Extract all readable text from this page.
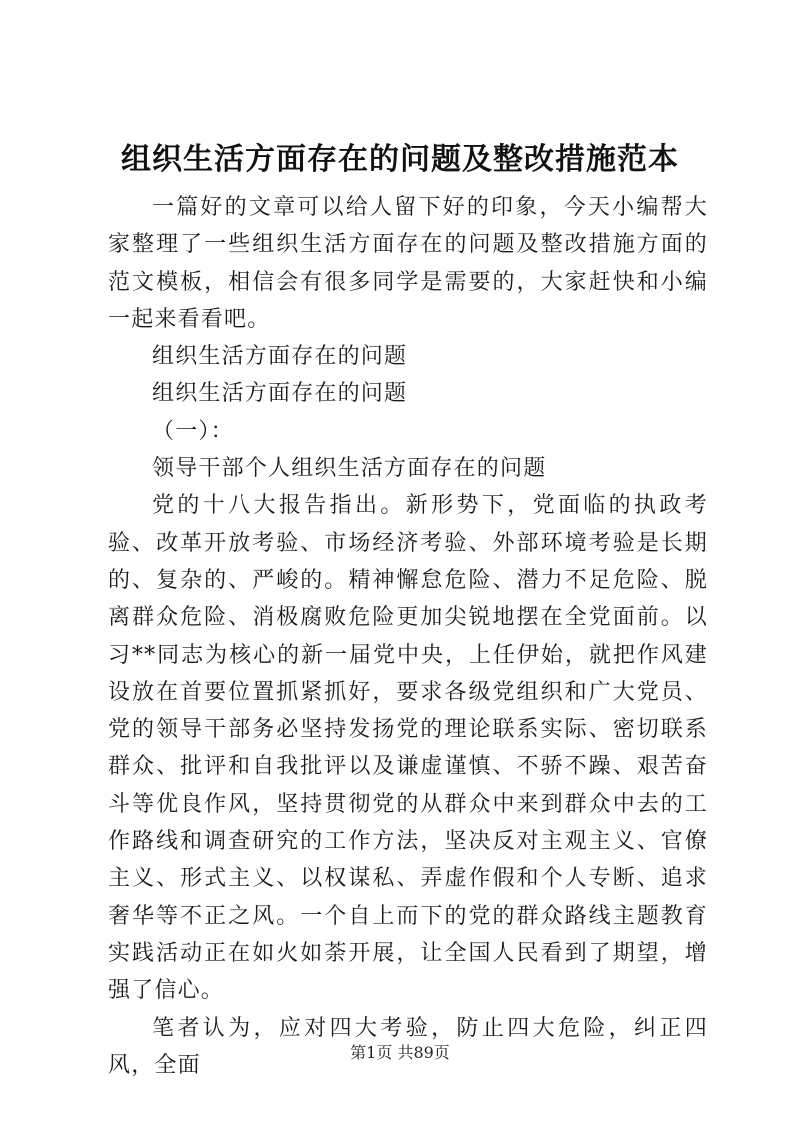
组织生活方面存在的问题及整改措施范本

一篇好的文章可以给人留下好的印象，今天小编帮大家整理了一些组织生活方面存在的问题及整改措施方面的范文模板，相信会有很多同学是需要的，大家赶快和小编一起来看看吧。

组织生活方面存在的问题

组织生活方面存在的问题

（一）：

领导干部个人组织生活方面存在的问题

党的十八大报告指出。新形势下，党面临的执政考验、改革开放考验、市场经济考验、外部环境考验是长期的、复杂的、严峻的。精神懈怠危险、潜力不足危险、脱离群众危险、消极腐败危险更加尖锐地摆在全党面前。以习**同志为核心的新一届党中央，上任伊始，就把作风建设放在首要位置抓紧抓好，要求各级党组织和广大党员、党的领导干部务必坚持发扬党的理论联系实际、密切联系群众、批评和自我批评以及谦虚谨慎、不骄不躁、艰苦奋斗等优良作风，坚持贯彻党的从群众中来到群众中去的工作路线和调查研究的工作方法，坚决反对主观主义、官僚主义、形式主义、以权谋私、弄虚作假和个人专断、追求奢华等不正之风。一个自上而下的党的群众路线主题教育实践活动正在如火如荼开展，让全国人民看到了期望，增强了信心。

笔者认为，应对四大考验，防止四大危险，纠正四风，全面

第1页 共89页
